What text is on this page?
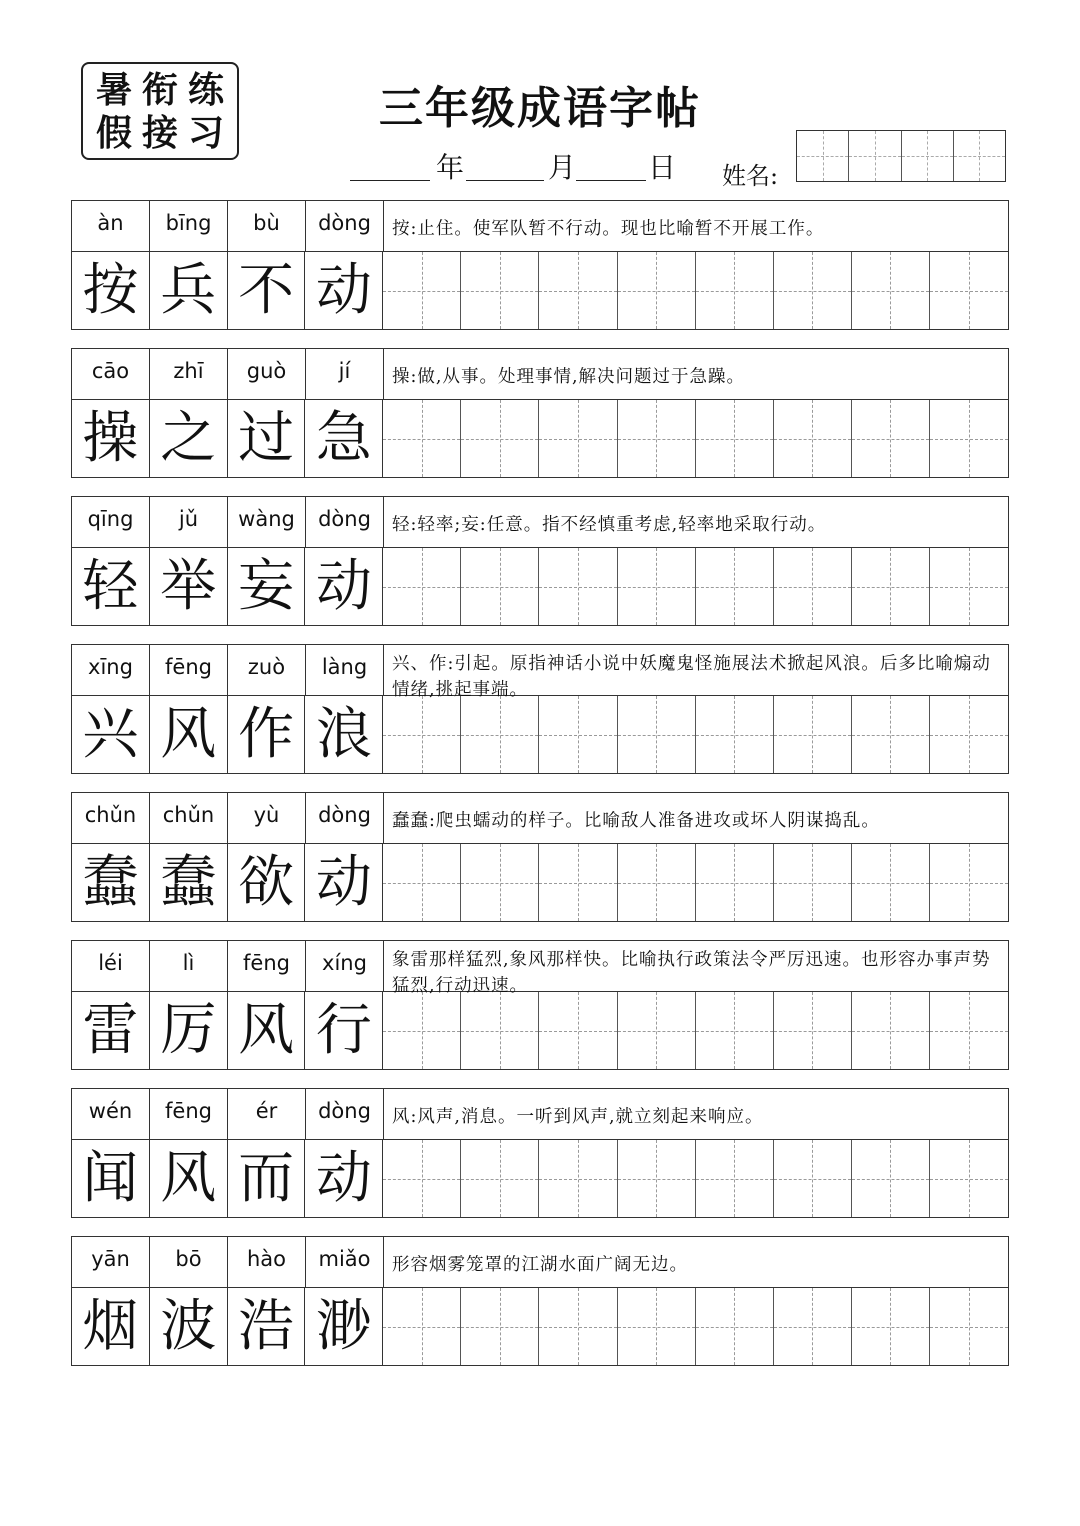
暑 衔 练
假 接 习	三年级成语字帖
年	月	日 姓名:
àn	bīng	bù	dòng	按:止住。使军队暂不行动。现也比喻暂不开展工作。
按 兵 不 动
cāo	zhī	guò	jí	操:做,从事。处理事情,解决问题过于急躁。
操 之 过 急
qīng	jǔ	wàng	dòng	轻:轻率;妄:任意。指不经慎重考虑,轻率地采取行动。
轻 举 妄 动
xīng	fēng	zuò	làng	兴、作:引起。原指神话小说中妖魔鬼怪施展法术掀起风浪。后多比喻煽动情绪,挑起事端。
兴 风 作 浪
chǔn	chǔn	yù	dòng	蠢蠢:爬虫蠕动的样子。比喻敌人准备进攻或坏人阴谋捣乱。
蠢 蠢 欲 动
léi	lì	fēng	xíng	象雷那样猛烈,象风那样快。比喻执行政策法令严厉迅速。也形容办事声势猛烈,行动迅速。
雷 厉 风 行
wén	fēng	ér	dòng	风:风声,消息。一听到风声,就立刻起来响应。
闻 风 而 动
yān	bō	hào	miǎo	形容烟雾笼罩的江湖水面广阔无边。
烟 波 浩 渺
